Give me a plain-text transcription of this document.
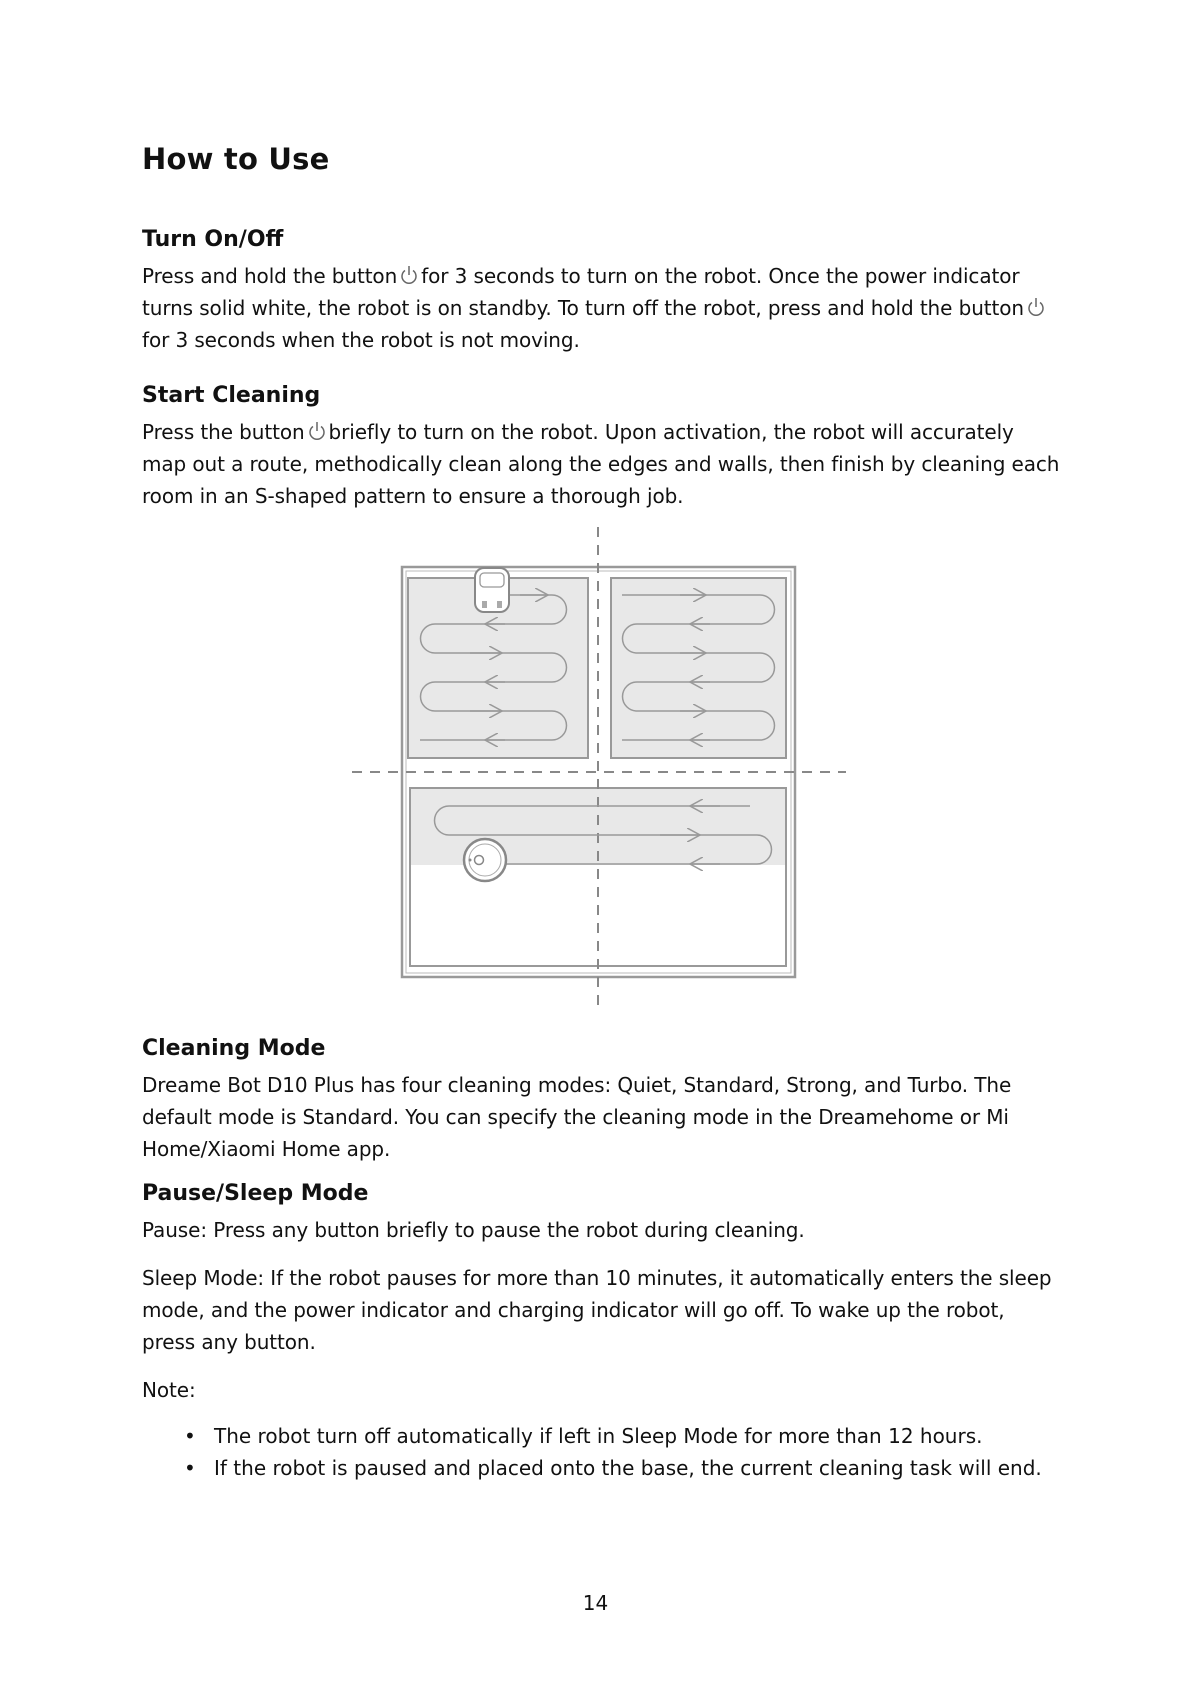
How to Use
Turn On/Off

Press and hold the button for 3 seconds to turn on the robot. Once the power indicator turns solid white, the robot is on standby. To turn off the robot, press and hold the buttonfor 3 seconds when the robot is not moving.

Start Cleaning

Press the button briefly to turn on the robot. Upon activation, the robot will accurately map out a route, methodically clean along the edges and walls, then finish by cleaning each room in an S-shaped pattern to ensure a thorough job.

Cleaning Mode

Dreame Bot D10 Plus has four cleaning modes: Quiet, Standard, Strong, and Turbo. The default mode is Standard. You can specify the cleaning mode in the Dreamehome or Mi Home/Xiaomi Home app.

Pause/Sleep Mode

Pause: Press any button briefly to pause the robot during cleaning.

Sleep Mode: If the robot pauses for more than 10 minutes, it automatically enters the sleep mode, and the power indicator and charging indicator will go off. To wake up the robot, press any button.

Note:

• The robot turn off automatically if left in Sleep Mode for more than 12 hours.
• If the robot is paused and placed onto the base, the current cleaning task will end.

14
